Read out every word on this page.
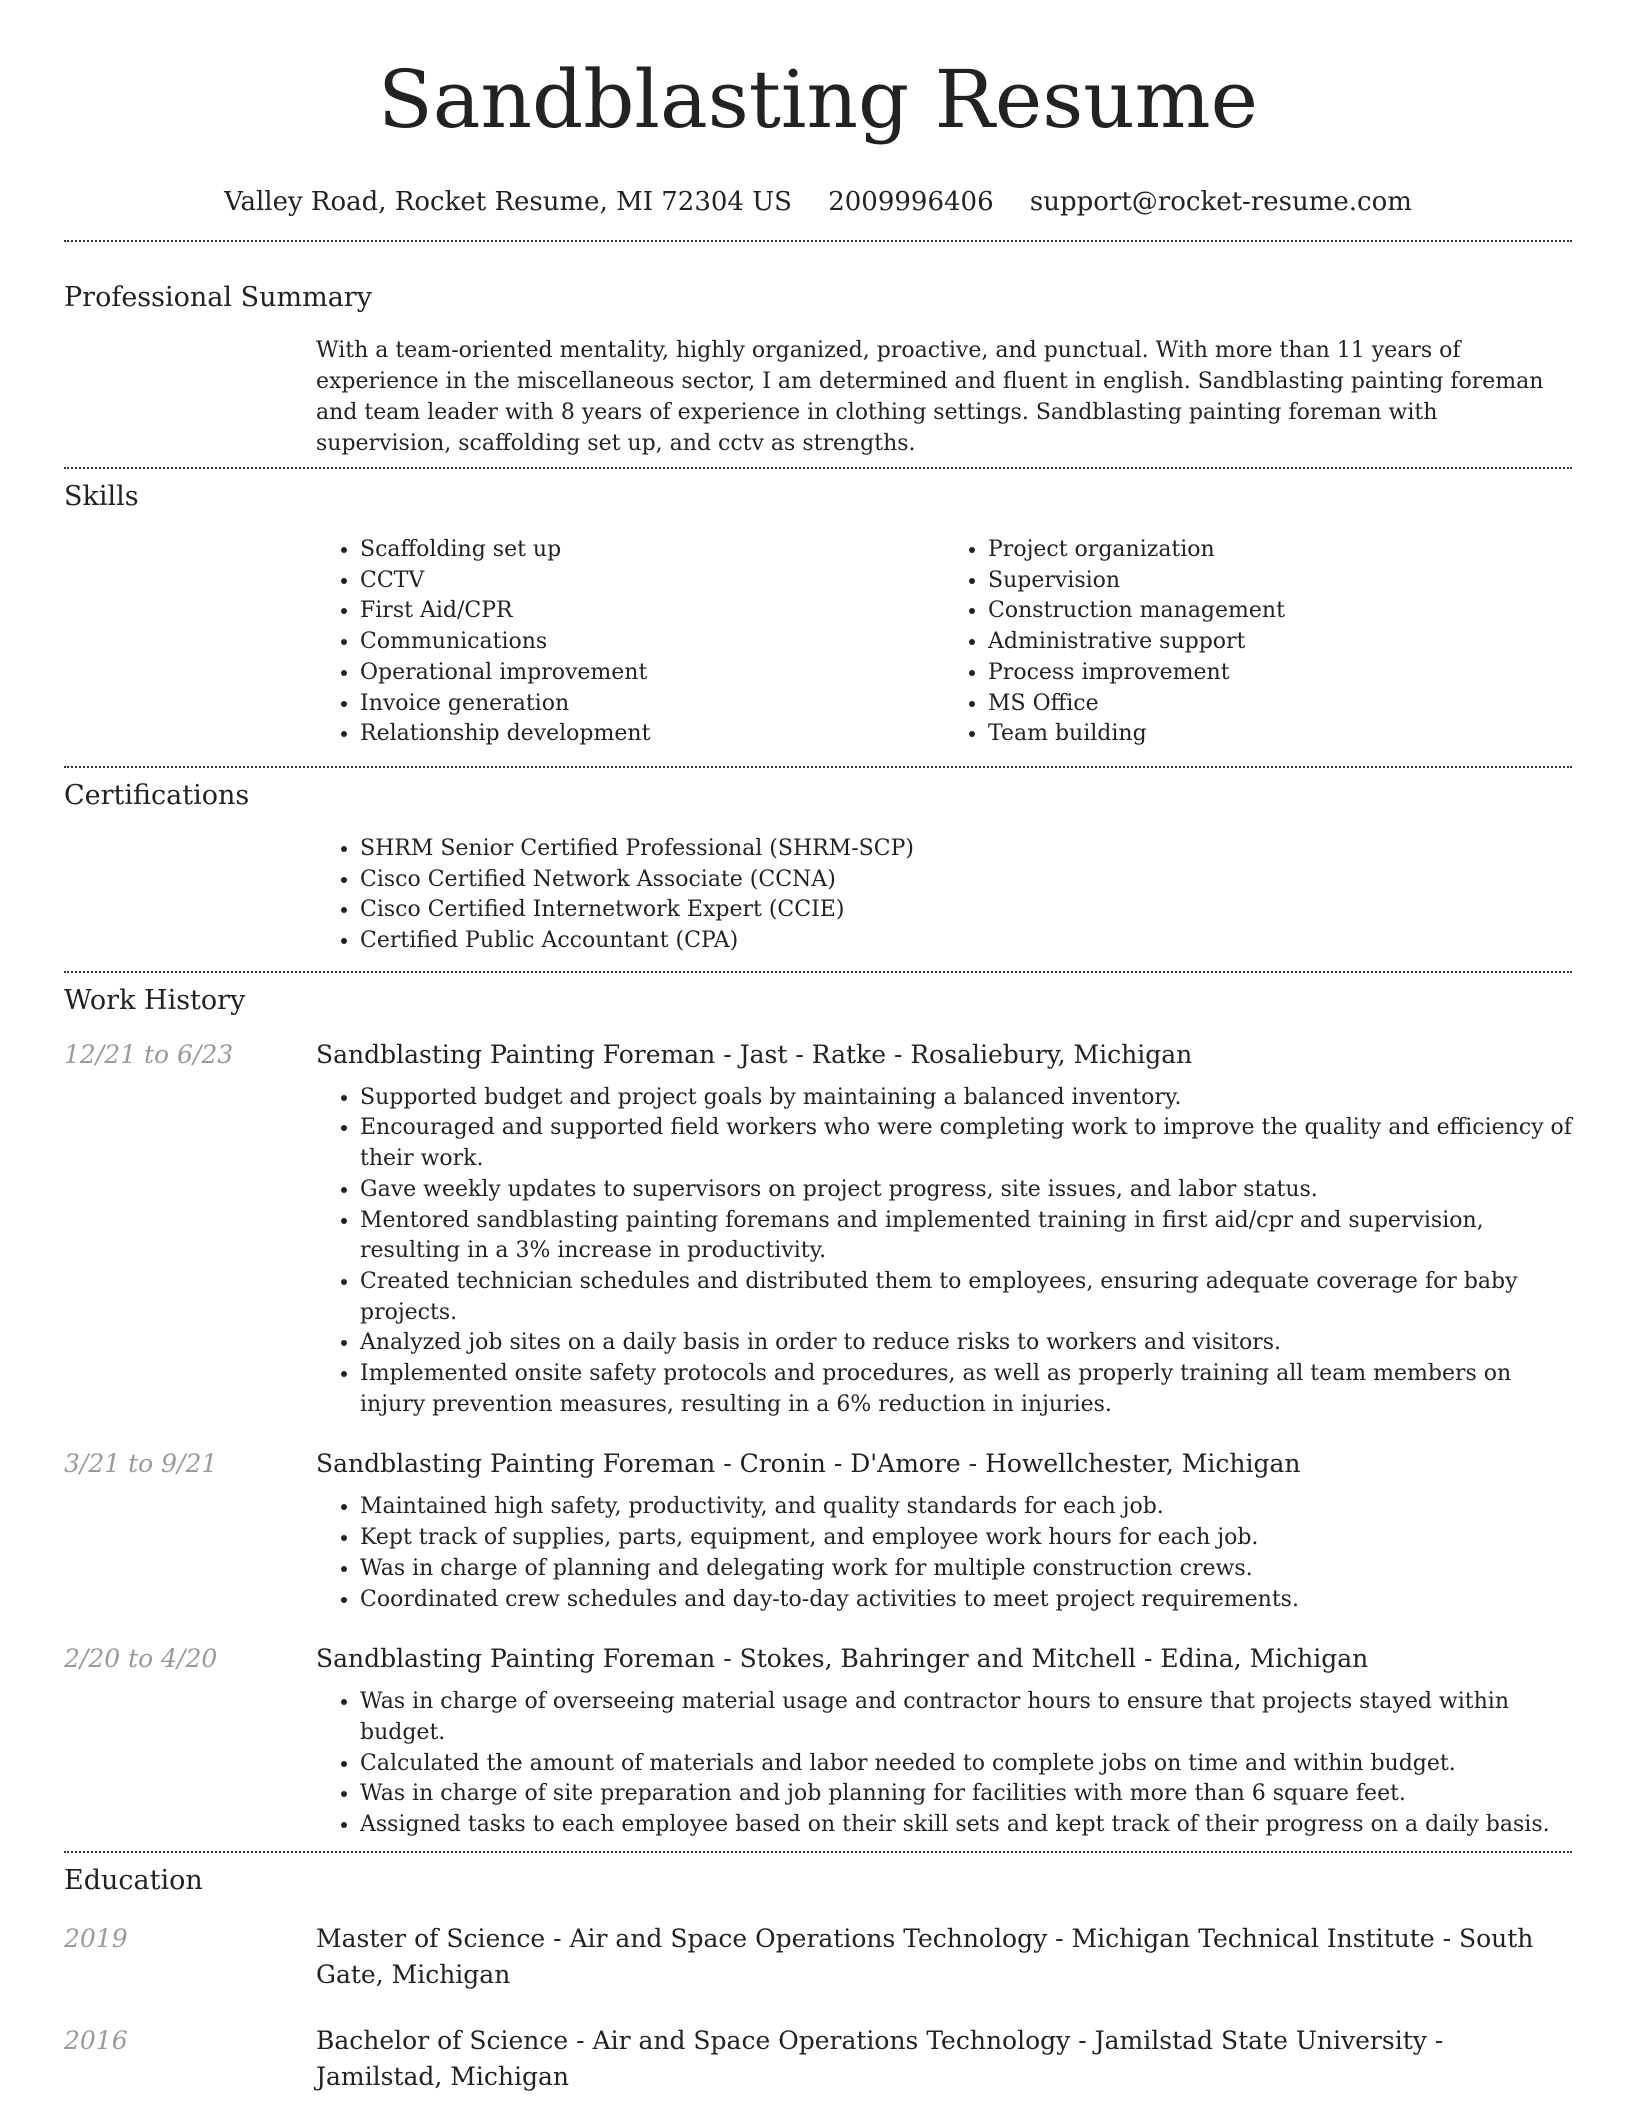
Sandblasting Resume
Valley Road, Rocket Resume, MI 72304 US 2009996406 support@rocket-resume.com
Professional Summary

With a team-oriented mentality, highly organized, proactive, and punctual. With more than 11 years of experience in the miscellaneous sector, I am determined and fluent in english. Sandblasting painting foreman and team leader with 8 years of experience in clothing settings. Sandblasting painting foreman with supervision, scaffolding set up, and cctv as strengths.

Skills
• Scaffolding set up
• CCTV
• First Aid/CPR
• Communications
• Operational improvement
• Invoice generation
• Relationship development
• Project organization
• Supervision
• Construction management
• Administrative support
• Process improvement
• MS Office
• Team building
Certifications
• SHRM Senior Certified Professional (SHRM-SCP)
• Cisco Certified Network Associate (CCNA)
• Cisco Certified Internetwork Expert (CCIE)
• Certified Public Accountant (CPA)
Work History
12/21 to 6/23	Sandblasting Painting Foreman - Jast - Ratke - Rosaliebury, Michigan
• Supported budget and project goals by maintaining a balanced inventory.
• Encouraged and supported field workers who were completing work to improve the quality and efficiency of their work.
• Gave weekly updates to supervisors on project progress, site issues, and labor status.
• Mentored sandblasting painting foremans and implemented training in first aid/cpr and supervision, resulting in a 3% increase in productivity.
• Created technician schedules and distributed them to employees, ensuring adequate coverage for baby projects.
• Analyzed job sites on a daily basis in order to reduce risks to workers and visitors.
• Implemented onsite safety protocols and procedures, as well as properly training all team members on injury prevention measures, resulting in a 6% reduction in injuries.
3/21 to 9/21	Sandblasting Painting Foreman - Cronin - D'Amore - Howellchester, Michigan
• Maintained high safety, productivity, and quality standards for each job.
• Kept track of supplies, parts, equipment, and employee work hours for each job.
• Was in charge of planning and delegating work for multiple construction crews.
• Coordinated crew schedules and day-to-day activities to meet project requirements.
2/20 to 4/20	Sandblasting Painting Foreman - Stokes, Bahringer and Mitchell - Edina, Michigan
• Was in charge of overseeing material usage and contractor hours to ensure that projects stayed within budget.
• Calculated the amount of materials and labor needed to complete jobs on time and within budget.
• Was in charge of site preparation and job planning for facilities with more than 6 square feet.
• Assigned tasks to each employee based on their skill sets and kept track of their progress on a daily basis.
Education
2019	Master of Science - Air and Space Operations Technology - Michigan Technical Institute - South Gate, Michigan
2016	Bachelor of Science - Air and Space Operations Technology - Jamilstad State University - Jamilstad, Michigan
